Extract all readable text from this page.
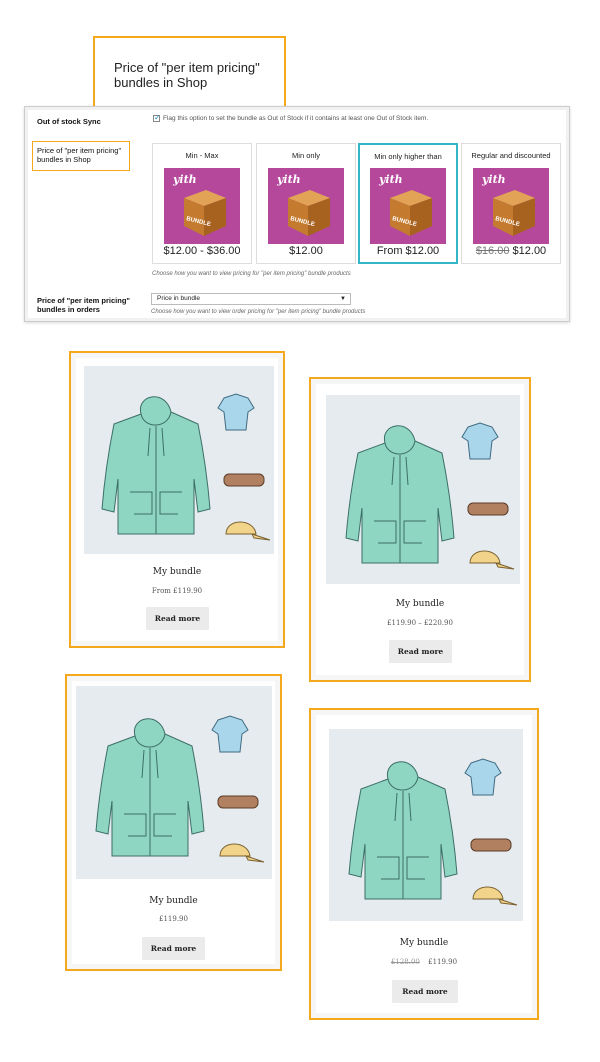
Price of "per item pricing" bundles in Shop
Out of stock Sync
✓	Flag this option to set the bundle as Out of Stock if it contains at least one Out of Stock item.
Price of "per item pricing" bundles in Shop	Min - Max
yith
BUNDLE
$12.00 - $36.00
Min only
yith
BUNDLE
$12.00
Min only higher than
yith
BUNDLE
From $12.00
Regular and discounted
yith
BUNDLE
$16.00 $12.00
Choose how you want to view pricing for "per item pricing" bundle products
Price of "per item pricing" bundles in orders
Price in bundle	▼
Choose how you want to view order pricing for "per item pricing" bundle products
My bundle
From £119.90
Read more
My bundle
£119.90 – £220.90
Read more
My bundle
£119.90
Read more
My bundle
£128.00 £119.90
Read more
